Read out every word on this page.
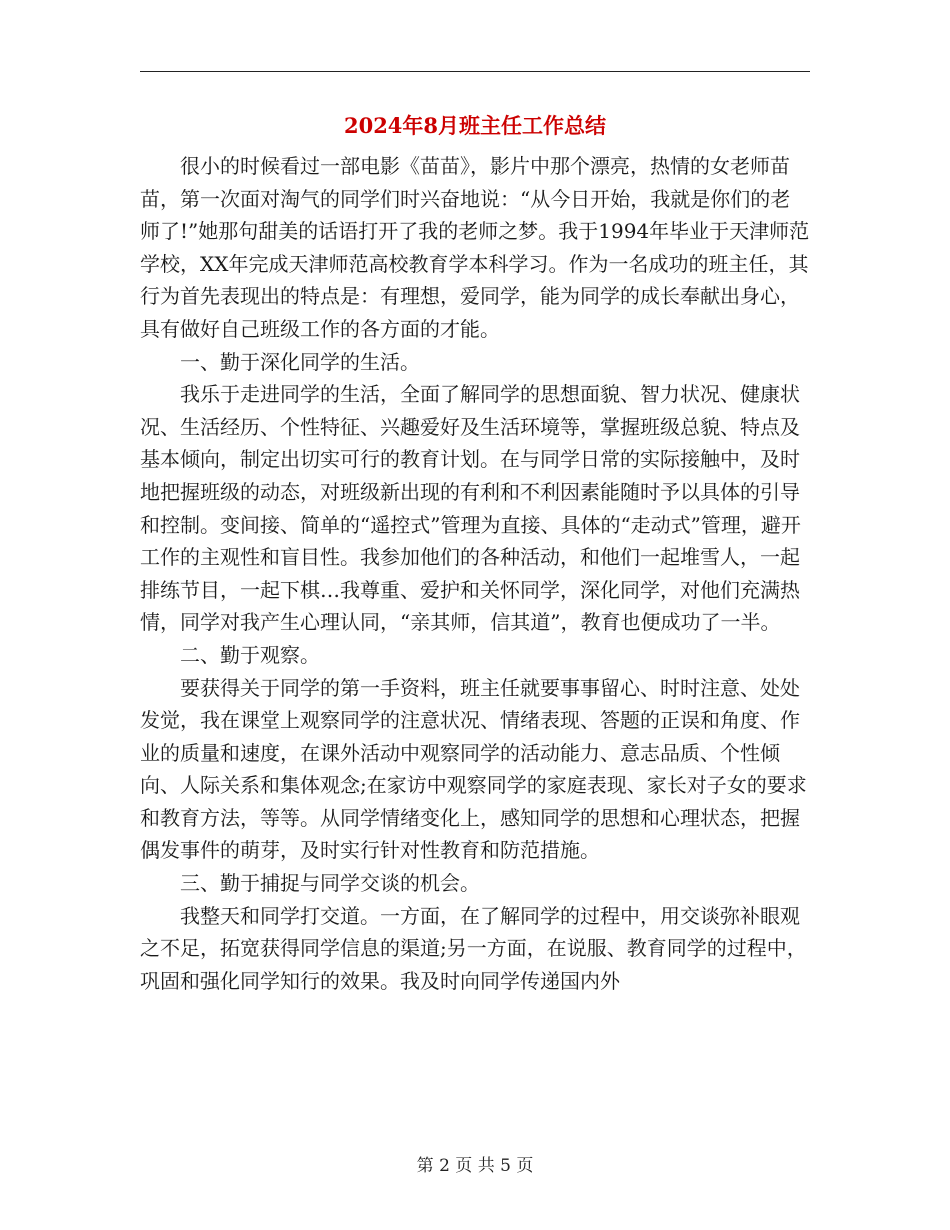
2024年8月班主任工作总结

很小的时候看过一部电影《苗苗》，影片中那个漂亮，热情的女老师苗苗，第一次面对淘气的同学们时兴奋地说：“从今日开始，我就是你们的老师了!”她那句甜美的话语打开了我的老师之梦。我于1994年毕业于天津师范学校，XX年完成天津师范高校教育学本科学习。作为一名成功的班主任，其行为首先表现出的特点是：有理想，爱同学，能为同学的成长奉献出身心，具有做好自己班级工作的各方面的才能。

一、勤于深化同学的生活。

我乐于走进同学的生活，全面了解同学的思想面貌、智力状况、健康状况、生活经历、个性特征、兴趣爱好及生活环境等，掌握班级总貌、特点及基本倾向，制定出切实可行的教育计划。在与同学日常的实际接触中，及时地把握班级的动态，对班级新出现的有利和不利因素能随时予以具体的引导和控制。变间接、简单的“遥控式”管理为直接、具体的“走动式”管理，避开工作的主观性和盲目性。我参加他们的各种活动，和他们一起堆雪人，一起排练节目，一起下棋…我尊重、爱护和关怀同学，深化同学，对他们充满热情，同学对我产生心理认同，“亲其师，信其道”，教育也便成功了一半。

二、勤于观察。

要获得关于同学的第一手资料，班主任就要事事留心、时时注意、处处发觉，我在课堂上观察同学的注意状况、情绪表现、答题的正误和角度、作业的质量和速度，在课外活动中观察同学的活动能力、意志品质、个性倾向、人际关系和集体观念;在家访中观察同学的家庭表现、家长对子女的要求和教育方法，等等。从同学情绪变化上，感知同学的思想和心理状态，把握偶发事件的萌芽，及时实行针对性教育和防范措施。

三、勤于捕捉与同学交谈的机会。

我整天和同学打交道。一方面，在了解同学的过程中，用交谈弥补眼观之不足，拓宽获得同学信息的渠道;另一方面，在说服、教育同学的过程中，巩固和强化同学知行的效果。我及时向同学传递国内外

第 2 页 共 5 页
